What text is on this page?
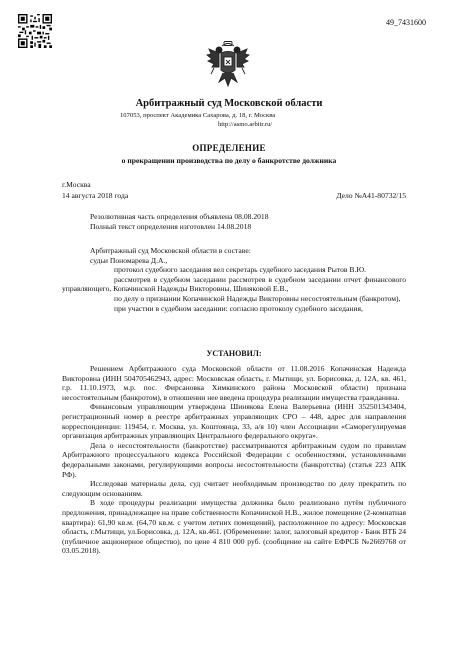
49_7431600
Арбитражный суд Московской области
107053, проспект Академика Сахарова, д. 18, г. Москва
http://asmo.arbitr.ru/
ОПРЕДЕЛЕНИЕ
о прекращении производства по делу о банкротстве должника
г.Москва
14 августа 2018 года	Дело №А41-80732/15

Резолютивная часть определения объявлена 08.08.2018

Полный текст определения изготовлен 14.08.2018

Арбитражный суд Московской области в составе:

судьи Пономарева Д.А.,

протокол судебного заседания вел секретарь судебного заседания Рытов В.Ю.

рассмотрев в судебном заседании рассмотрев в судебном заседании отчет финансового управляющего, Копачинской Надежды Викторовны, Шиняковой Е.В.,

по делу о признании Копачинской Надежды Викторовны несостоятельным (банкротом),

при участии в судебном заседании: согласно протоколу судебного заседания,

УСТАНОВИЛ:

Решением Арбитражного суда Московской области от 11.08.2016 Копачинская Надежда Викторовна (ИНН 504705462943, адрес: Московская область, г. Мытищи, ул. Борисовка, д. 12А, кв. 461, г.р. 11.10.1973, м.р. пос. Фирсановка Химкинского района Московской области) признана несостоятельным (банкротом), в отношении нее введена процедура реализации имущества гражданина.

Финансовым управляющим утверждена Шинякова Елена Валерьевна (ИНН 352501343404, регистрационный номер в реестре арбитражных управляющих СРО – 448, адрес для направления корреспонденции: 119454, г. Москва, ул. Коштоянца, 33, а/я 10) член Ассоциации «Саморегулируемая организация арбитражных управляющих Центрального федерального округа».

Дела о несостоятельности (банкротстве) рассматриваются арбитражным судом по правилам Арбитражного процессуального кодекса Российской Федерации с особенностями, установленными федеральными законами, регулирующими вопросы несостоятельности (банкротства) (статья 223 АПК РФ).

Исследовав материалы дела, суд считает необходимым производство по делу прекратить по следующим основаниям.

В ходе процедуры реализации имущества должника было реализовано путём публичного предложения, принадлежащее на праве собственности Копачинской Н.В., жилое помещение (2-комнатная квартира): 61,90 кв.м. (64,70 кв.м. с учетом летних помещений), расположенное по адресу: Московская область, г.Мытищи, ул.Борисовка, д. 12А, кв.461. (Обременение: залог, залоговый кредитор - Банк ВТБ 24 (публичное акционерное общество), по цене 4 810 000 руб. (сообщение на сайте ЕФРСБ №2669768 от 03.05.2018).
